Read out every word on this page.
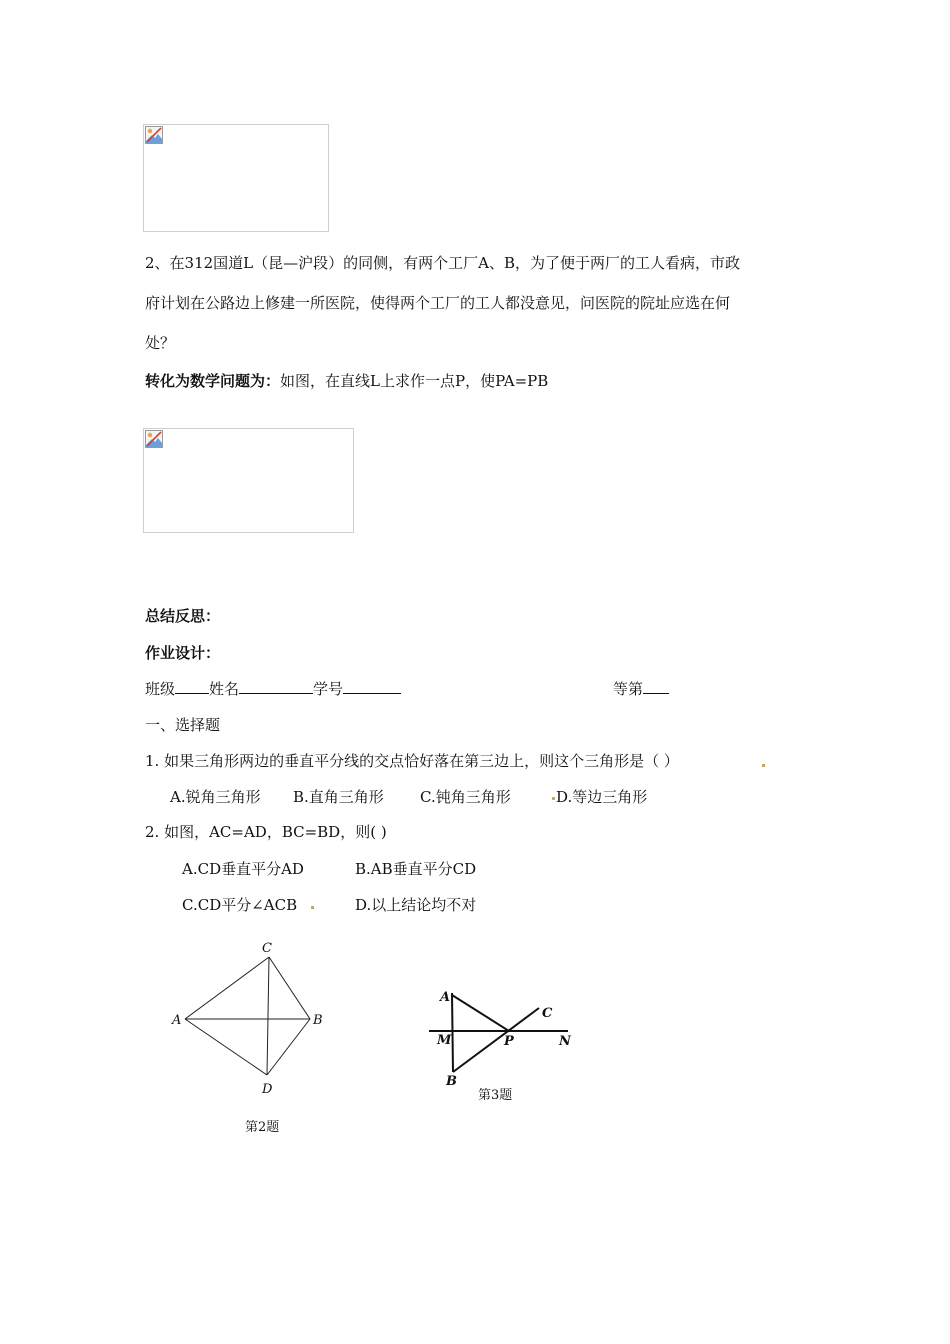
2、在312国道L（昆—沪段）的同侧，有两个工厂A、B，为了便于两厂的工人看病，市政
府计划在公路边上修建一所医院，使得两个工厂的工人都没意见，问医院的院址应选在何
处？
转化为数学问题为：如图，在直线L上求作一点P，使PA=PB
总结反思：
作业设计：
班级 姓名	学号	等第
一、选择题
1. 如果三角形两边的垂直平分线的交点恰好落在第三边上，则这个三角形是（ ）
A.锐角三角形 B.直角三角形 C.钝角三角形	D.等边三角形
2. 如图，AC=AD，BC=BD，则( )
A.CD垂直平分AD	B.AB垂直平分CD
C.CD平分∠ACB	D.以上结论均不对
C
A	B
D
第2题
A
C
M	P	N
B
第3题
